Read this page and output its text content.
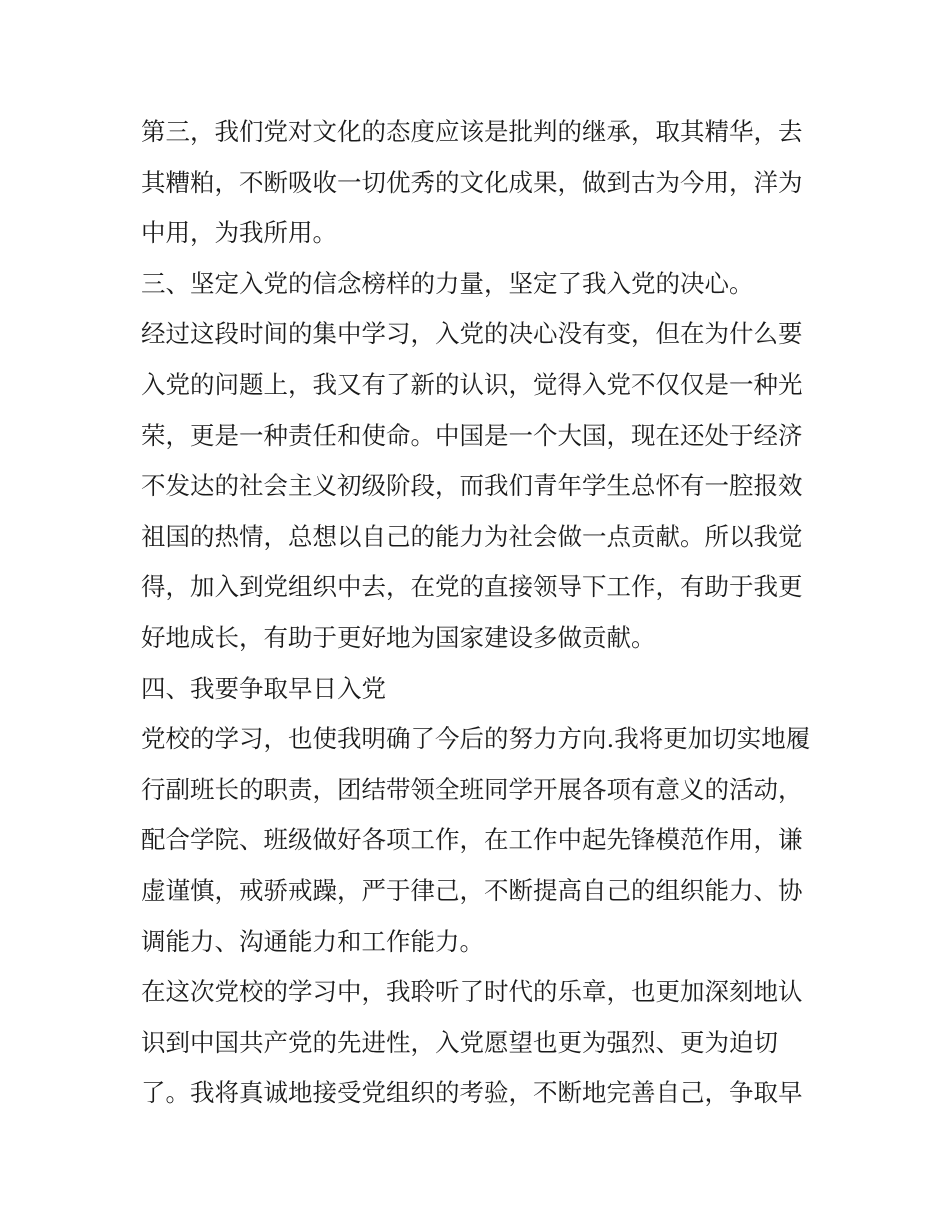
第三，我们党对文化的态度应该是批判的继承，取其精华，去其糟粕，不断吸收一切优秀的文化成果，做到古为今用，洋为中用，为我所用。

三、坚定入党的信念榜样的力量，坚定了我入党的决心。

经过这段时间的集中学习，入党的决心没有变，但在为什么要入党的问题上，我又有了新的认识，觉得入党不仅仅是一种光荣，更是一种责任和使命。中国是一个大国，现在还处于经济不发达的社会主义初级阶段，而我们青年学生总怀有一腔报效祖国的热情，总想以自己的能力为社会做一点贡献。所以我觉得，加入到党组织中去，在党的直接领导下工作，有助于我更好地成长，有助于更好地为国家建设多做贡献。

四、我要争取早日入党

党校的学习，也使我明确了今后的努力方向.我将更加切实地履行副班长的职责，团结带领全班同学开展各项有意义的活动，配合学院、班级做好各项工作，在工作中起先锋模范作用，谦虚谨慎，戒骄戒躁，严于律己，不断提高自己的组织能力、协调能力、沟通能力和工作能力。

在这次党校的学习中，我聆听了时代的乐章，也更加深刻地认识到中国共产党的先进性，入党愿望也更为强烈、更为迫切了。我将真诚地接受党组织的考验，不断地完善自己，争取早
